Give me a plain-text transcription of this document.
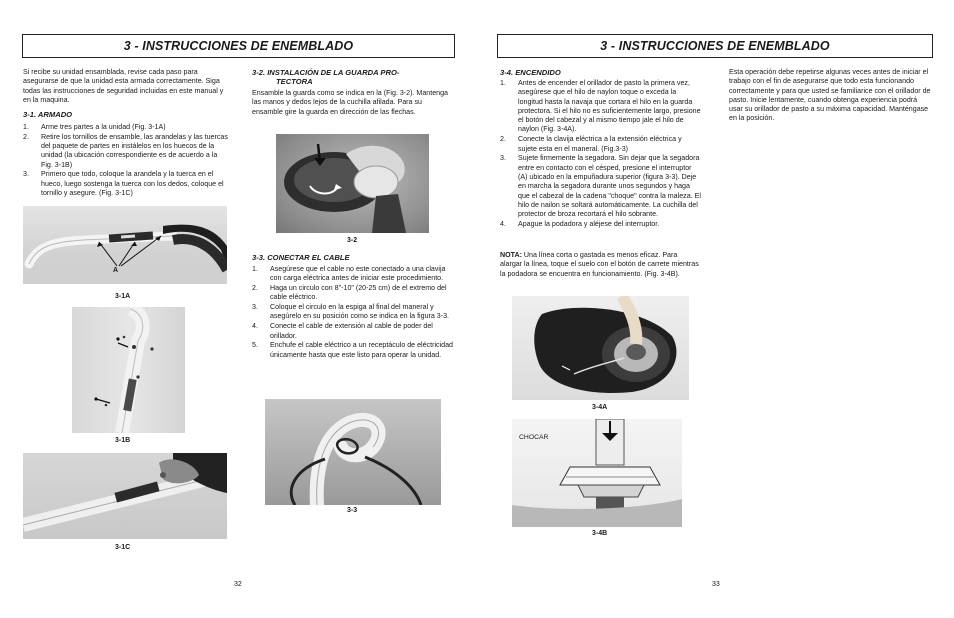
3 - INSTRUCCIONES DE ENEMBLADO	3 - INSTRUCCIONES DE ENEMBLADO
Si recibe su unidad ensamblada, revise cada paso para asegurarse de que la unidad esta armada correctamente. Siga todas las instrucciones de seguridad incluidas en este manual y en la maquina.
3-1. ARMADO
1. Arme tres partes a la unidad (Fig. 3-1A)
2. Retire los tornillos de ensamble, las arandelas y las tuercas del paquete de partes en instálelos en los huecos de la unidad (la ubicación correspondiente es de acuerdo a la Fig. 3-1B)
3. Primero que todo, coloque la arandela y la tuerca en el hueco, luego sostenga la tuerca con los dedos, coloque el tornillo y asegure. (Fig. 3-1C)
A
3-1A
3-1B
3-1C
32
3-2. INSTALACIÓN DE LA GUARDA PRO-
TECTORA
Ensamble la guarda como se indica en la (Fig. 3-2). Mantenga las manos y dedos lejos de la cuchilla afilada. Para su ensamble gire la guarda en dirección de las flechas.
3-2
3-3. CONECTAR EL CABLE
1. Asegúrese que el cable no este conectado a una clavija con carga eléctrica antes de iniciar este procedimiento.
2. Haga un circulo con 8"-10" (20-25 cm) de el extremo del cable eléctrico.
3. Coloque el circulo en la espiga al final del maneral y asegúrelo en su posición como se indica en la figura 3-3.
4. Conecte el cable de extensión al cable de poder del orillador.
5. Enchufe el cable eléctrico a un receptáculo de eléctricidad únicamente hasta que este listo para operar la unidad.
3-3
3-4. ENCENDIDO
1. Antes de encender el orillador de pasto la primera vez, asegúrese que el hilo de naylon toque o exceda la longitud hasta la navaja que cortara el hilo en la guarda protectora. Si el hilo no es suficientemente largo, presione el botón del cabezal y al mismo tiempo jale el hilo de naylon (Fig. 3-4A).
2. Conecte la clavija eléctrica a la extensión eléctrica y sujete esta en el maneral. (Fig.3-3)
3. Sujete firmemente la segadora. Sin dejar que la segadora entre en contacto con el césped, presione el interruptor (A) ubicado en la empuñadura superior (figura 3-3). Deje en marcha la segadora durante unos segundos y haga que el cabezal de la cadena "choque" contra la maleza. El hilo de nailon se soltará automáticamente. La cuchilla del protector de broza recortará el hilo sobrante.
4. Apague la podadora y aléjese del interruptor.
NOTA: Una línea corta o gastada es menos eficaz. Para alargar la línea, toque el suelo con el botón de carrete mientras la podadora se encuentra en funcionamiento. (Fig. 3-4B).
3-4A
CHOCAR
3-4B
Esta operación debe repetirse algunas veces antes de iniciar el trabajo con el fin de asegurarse que todo esta funcionando correctamente y para que usted se familiarice con el orillador de pasto. Inicie lentamente, cuando obtenga experiencia podrá usar su orillador de pasto a su máxima capacidad. Manténgase en la posición.
33
